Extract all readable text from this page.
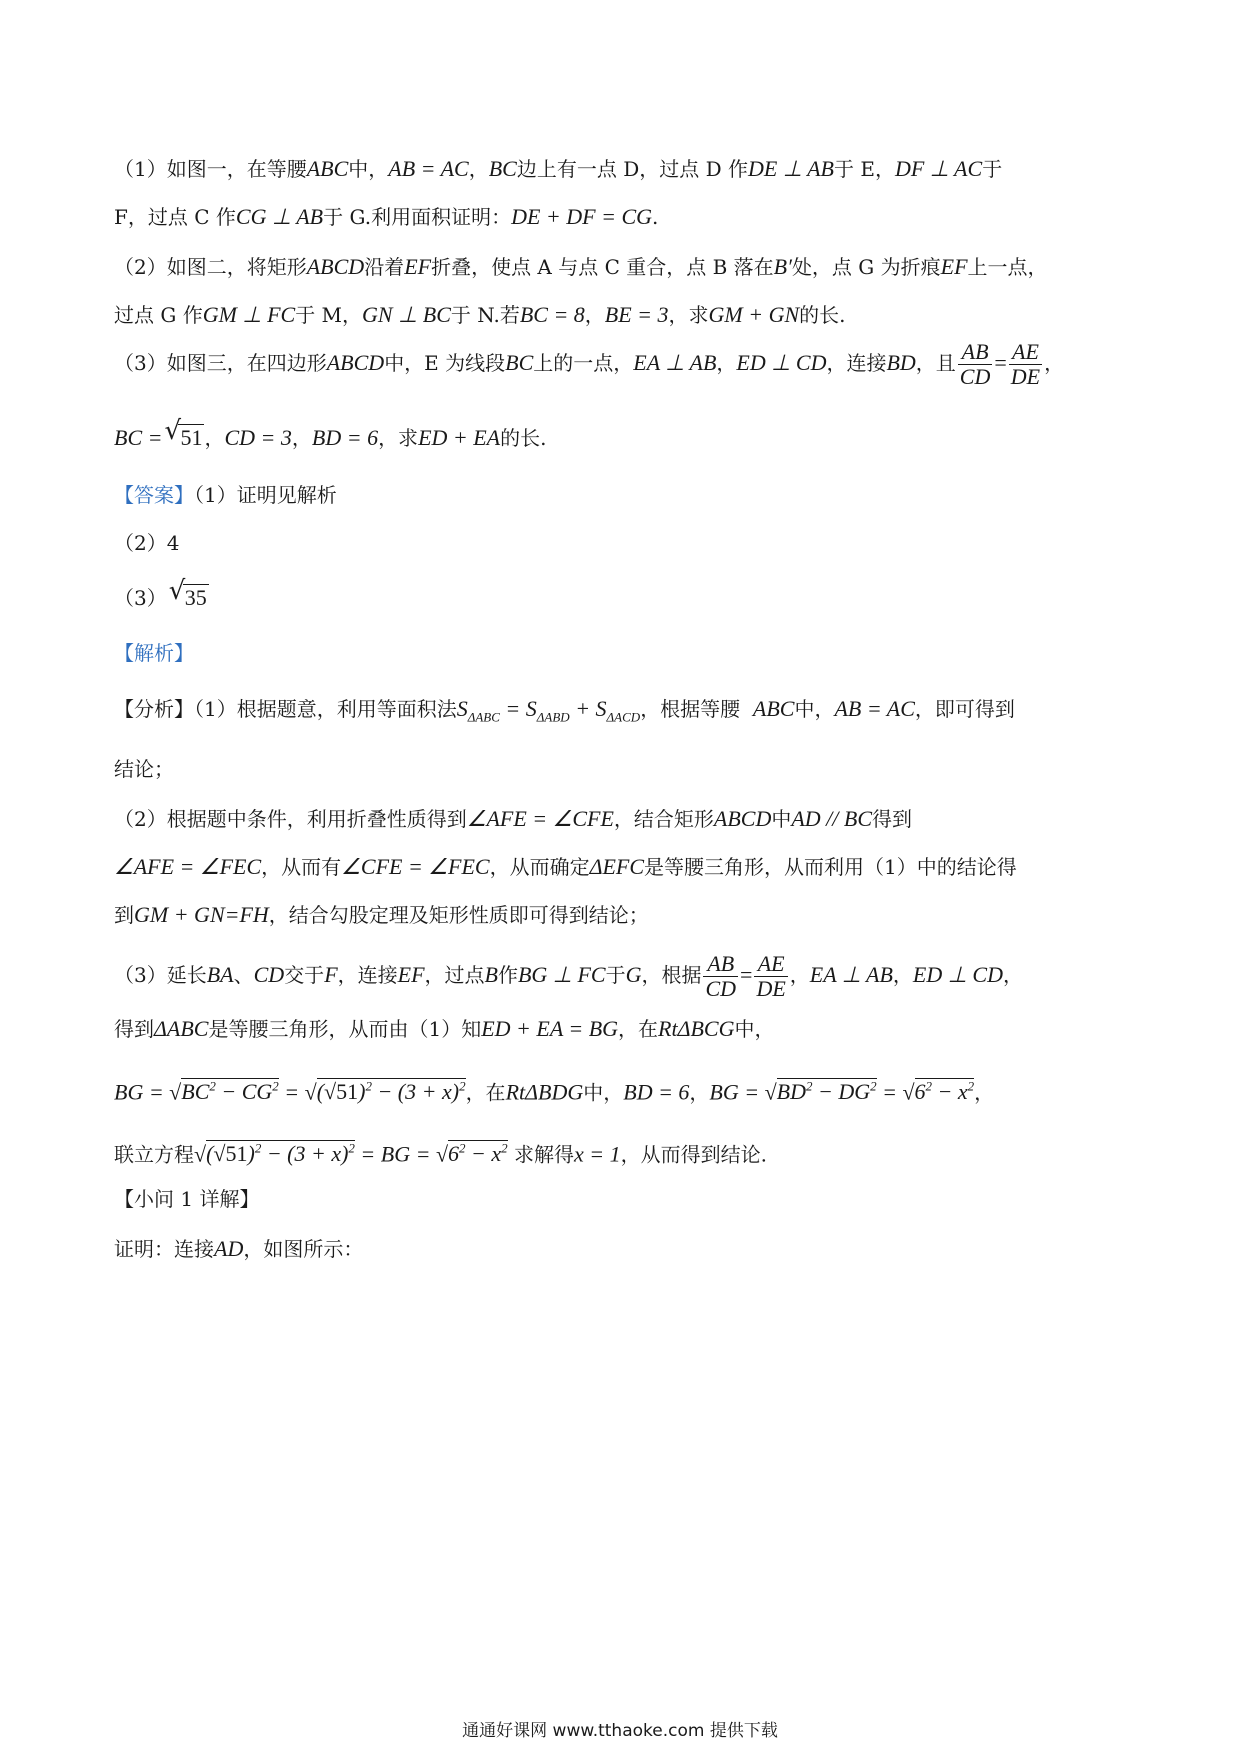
（1）如图一，在等腰ABC中，AB = AC，BC边上有一点 D，过点 D 作DE ⊥ AB于 E，DF ⊥ AC于
F，过点 C 作CG ⊥ AB于 G.利用面积证明：DE + DF = CG.
（2）如图二，将矩形ABCD沿着EF折叠，使点 A 与点 C 重合，点 B 落在B′处，点 G 为折痕EF上一点，
过点 G 作GM ⊥ FC于 M，GN ⊥ BC于 N.若BC = 8，BE = 3，求GM + GN的长.
（3）如图三，在四边形ABCD中，E 为线段BC上的一点，EA ⊥ AB，ED ⊥ CD，连接BD，且 $\frac{AB}{CD} = \frac{AE}{DE}$ ，
BC = √ 51 ，CD = 3，BD = 6，求ED + EA的长.
【答案】（1）证明见解析
（2）4
（3） √ 35
【解析】
【分析】（1）根据题意，利用等面积法$S_{\Delta ABC} = S_{\Delta ABD} + S_{\Delta ACD}$，根据等腰 ABC中，AB = AC，即可得到
结论；
（2）根据题中条件，利用折叠性质得到∠AFE = ∠CFE，结合矩形ABCD中AD // BC得到
∠AFE = ∠FEC，从而有∠CFE = ∠FEC，从而确定ΔEFC是等腰三角形，从而利用（1）中的结论得
到GM + GN=FH，结合勾股定理及矩形性质即可得到结论；
（3）延长BA、CD交于F，连接EF，过点B作BG ⊥ FC于G，根据 $\frac{AB}{CD} = \frac{AE}{DE}$ ，EA ⊥ AB，ED ⊥ CD，
得到ΔABC是等腰三角形，从而由（1）知ED + EA = BG，在RtΔBCG中，
BG = $√BC^2 - CG^2 = √(√51)^2 - (3 + x)^2$，在RtΔBDG中，BD = 6，BG = $√BD^2 - DG^2 = √6^2 - x^2$，
联立方程$√(√51)^2 - (3 + x)^2$ = BG = $√6^2 - x^2$ 求解得x = 1，从而得到结论.
【小问 1 详解】
证明：连接AD，如图所示：
通通好课网 www.tthaoke.com 提供下载
